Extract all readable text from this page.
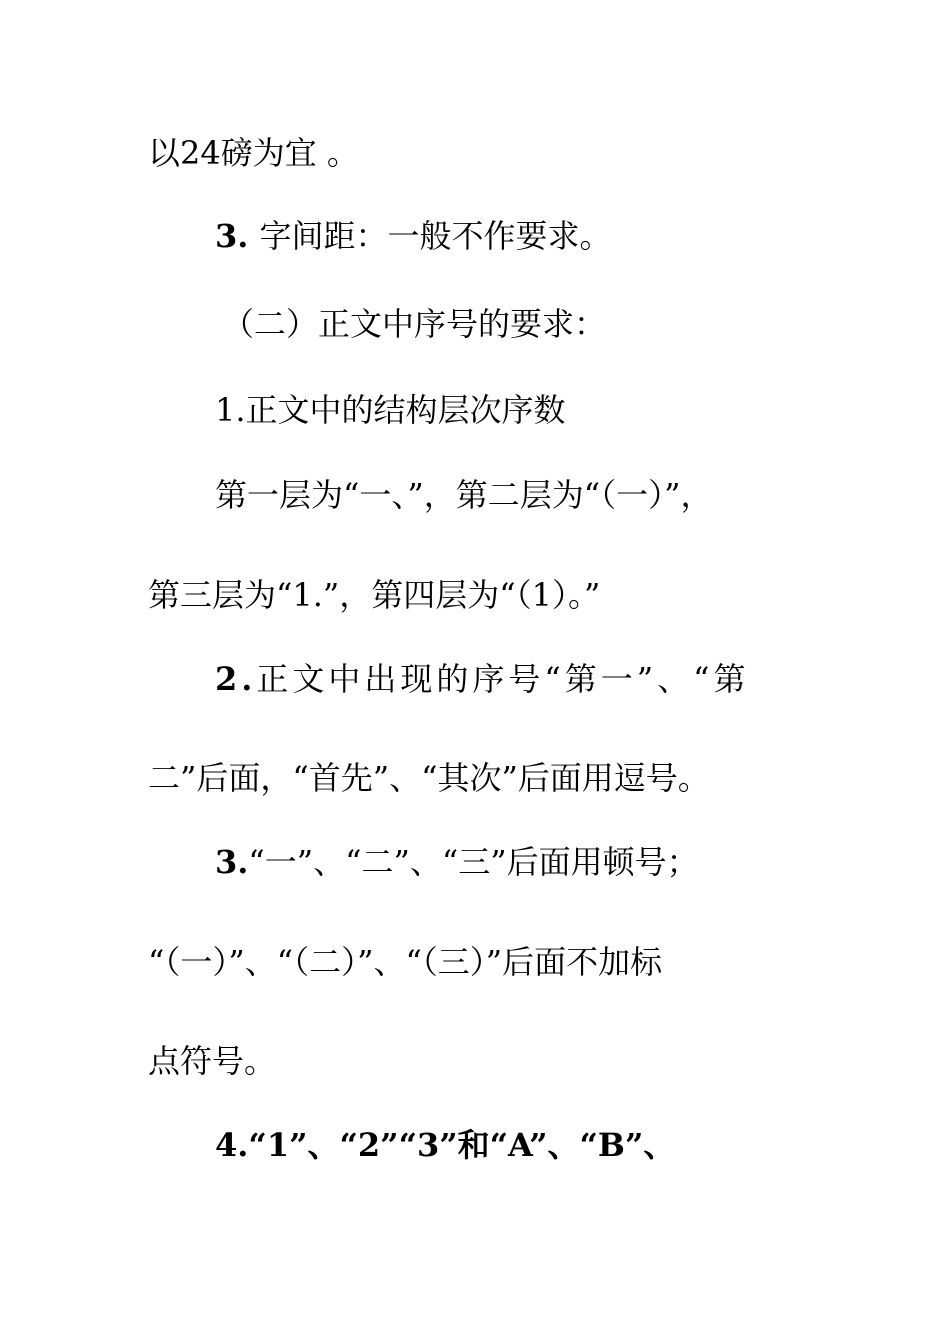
以24磅为宜 。

3. 字间距：一般不作要求。

（二）正文中序号的要求：

1.正文中的结构层次序数

第一层为“一、”，第二层为“（一）”，

第三层为“1.”，第四层为“（1）。”

2.正文中出现的序号“第一”、“第

二”后面，“首先”、“其次”后面用逗号。

3.“一”、“二”、“三”后面用顿号；

“（一）”、“（二）”、“（三）”后面不加标

点符号。

4.“1”、“2”“3”和“A”、“B”、
